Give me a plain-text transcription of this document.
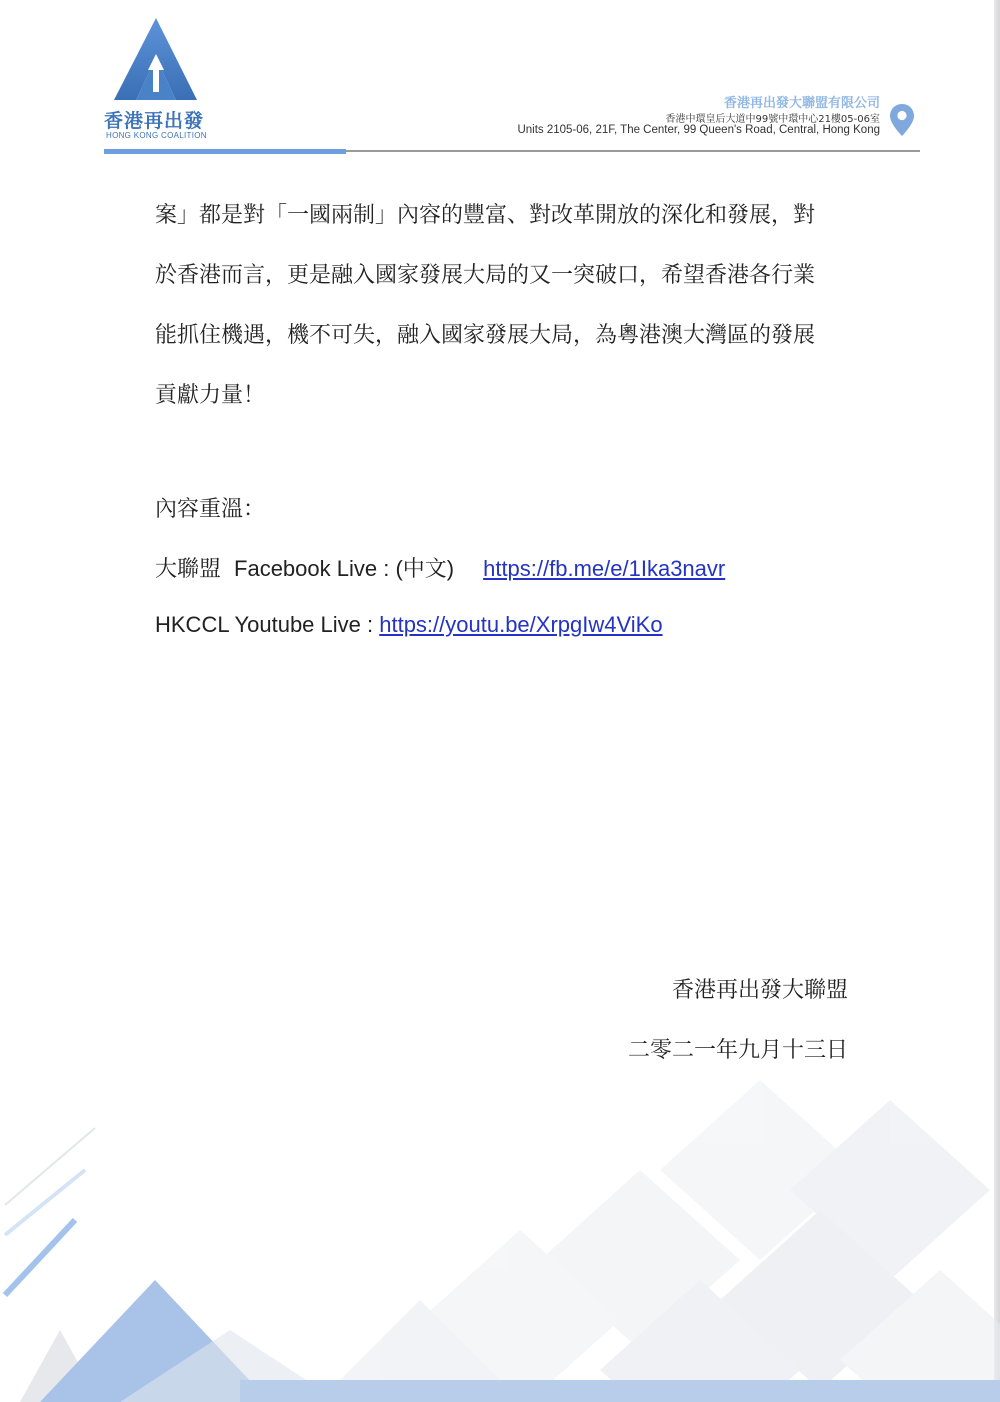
香港再出發
HONG KONG COALITION
香港再出發大聯盟有限公司
香港中環皇后大道中99號中環中心21樓05-06室
Units 2105-06, 21F, The Center, 99 Queen's Road, Central, Hong Kong

案」都是對「一國兩制」內容的豐富、對改革開放的深化和發展，對
於香港而言，更是融入國家發展大局的又一突破口，希望香港各行業
能抓住機遇，機不可失，融入國家發展大局，為粵港澳大灣區的發展
貢獻力量！

內容重溫：
大聯盟 Facebook Live : (中文) https://fb.me/e/1Ika3navr
HKCCL Youtube Live : https://youtu.be/XrpgIw4ViKo
香港再出發大聯盟
二零二一年九月十三日
